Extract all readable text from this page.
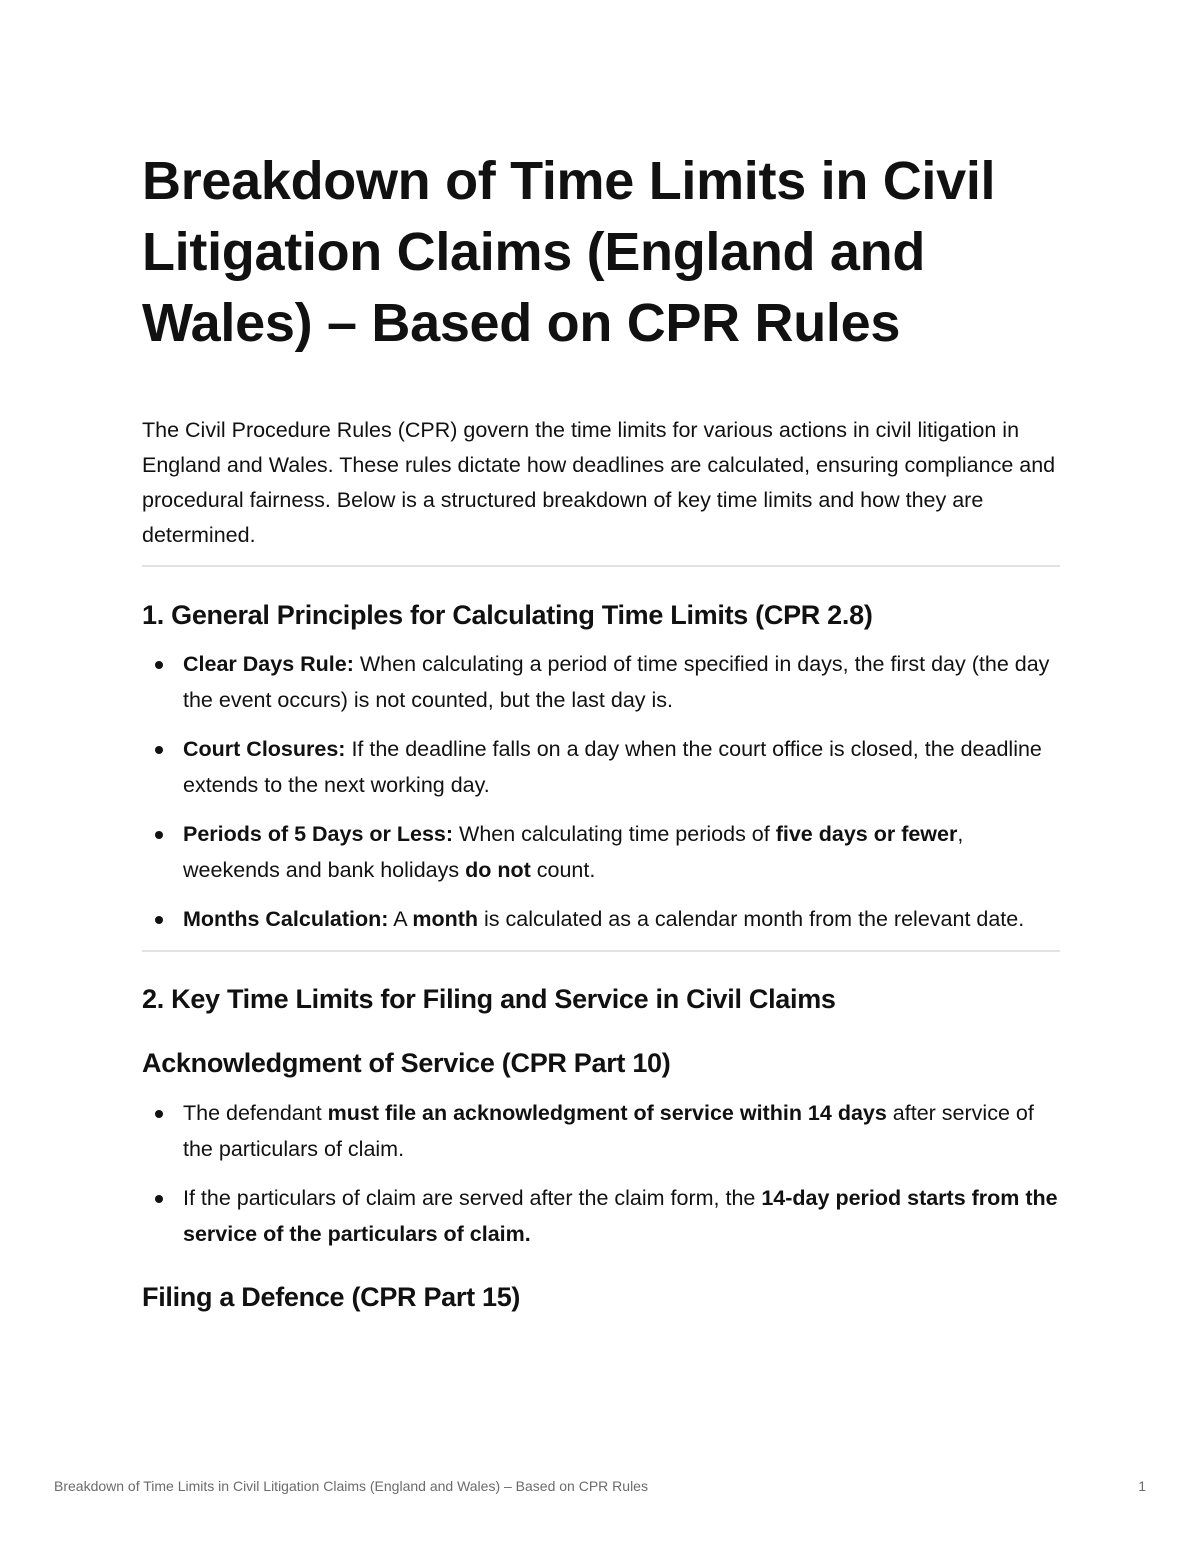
Breakdown of Time Limits in Civil Litigation Claims (England and Wales) – Based on CPR Rules

The Civil Procedure Rules (CPR) govern the time limits for various actions in civil litigation in England and Wales. These rules dictate how deadlines are calculated, ensuring compliance and procedural fairness. Below is a structured breakdown of key time limits and how they are determined.

1. General Principles for Calculating Time Limits (CPR 2.8)
Clear Days Rule: When calculating a period of time specified in days, the first day (the day the event occurs) is not counted, but the last day is.
Court Closures: If the deadline falls on a day when the court office is closed, the deadline extends to the next working day.
Periods of 5 Days or Less: When calculating time periods of five days or fewer, weekends and bank holidays do not count.
Months Calculation: A month is calculated as a calendar month from the relevant date.
2. Key Time Limits for Filing and Service in Civil Claims
Acknowledgment of Service (CPR Part 10)
The defendant must file an acknowledgment of service within 14 days after service of the particulars of claim.
If the particulars of claim are served after the claim form, the 14-day period starts from the service of the particulars of claim.
Filing a Defence (CPR Part 15)
Breakdown of Time Limits in Civil Litigation Claims (England and Wales) – Based on CPR Rules	1
